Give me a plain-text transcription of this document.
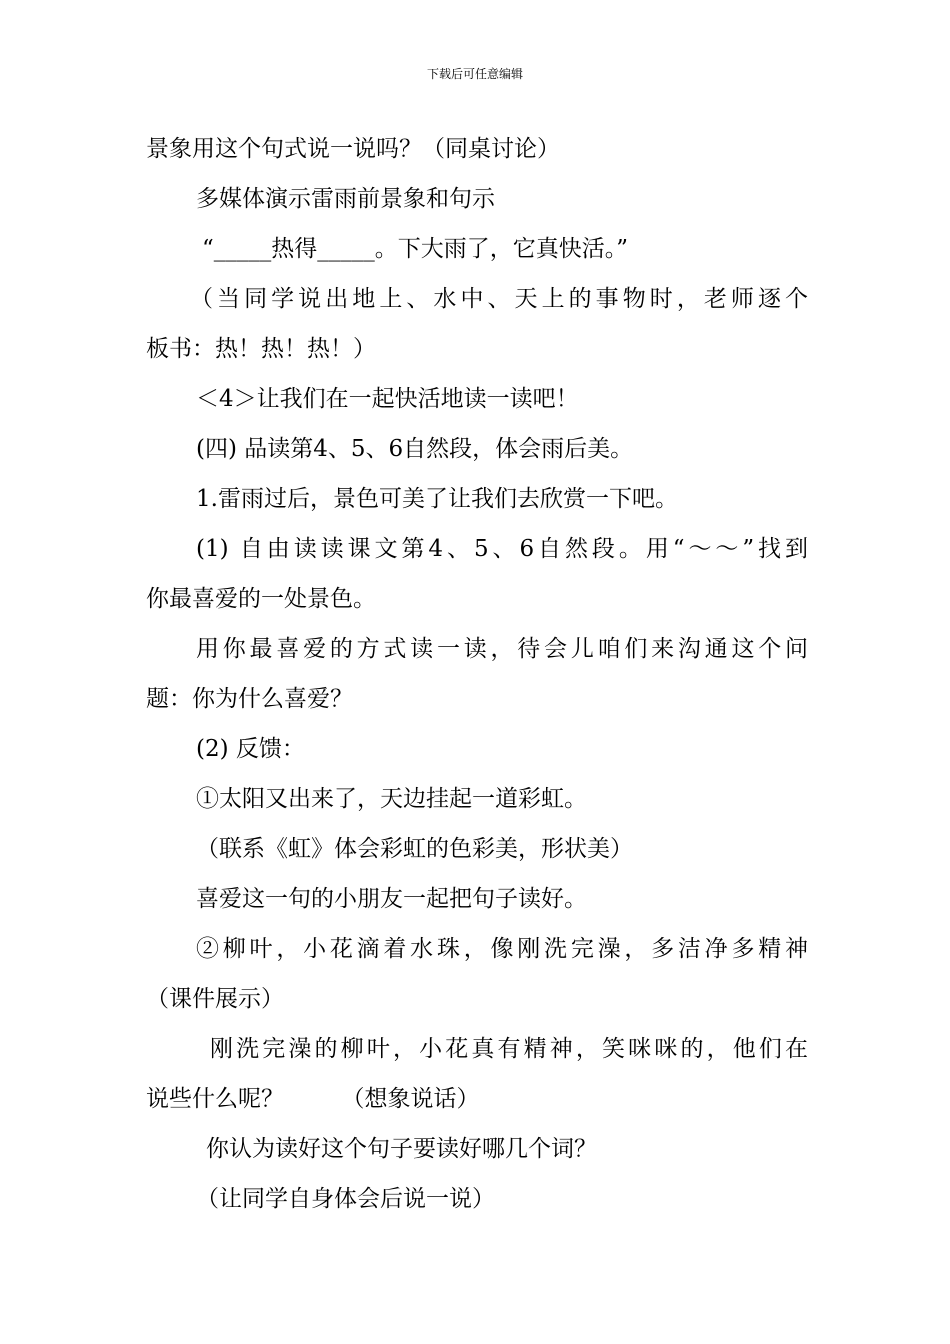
下载后可任意编辑

景象用这个句式说一说吗？（同桌讨论）

多媒体演示雷雨前景象和句示

“_____热得_____。下大雨了，它真快活。”

（当同学说出地上、水中、天上的事物时，老师逐个

板书：热！热！热！）

＜4＞让我们在一起快活地读一读吧！

(四) 品读第4、5、6自然段，体会雨后美。

1.雷雨过后，景色可美了让我们去欣赏一下吧。

(1) 自由读读课文第4、5、6自然段。用“～～”找到

你最喜爱的一处景色。

用你最喜爱的方式读一读，待会儿咱们来沟通这个问

题：你为什么喜爱？

(2) 反馈：

①太阳又出来了，天边挂起一道彩虹。

（联系《虹》体会彩虹的色彩美，形状美）

喜爱这一句的小朋友一起把句子读好。

②柳叶，小花滴着水珠，像刚洗完澡，多洁净多精神

（课件展示）

刚洗完澡的柳叶，小花真有精神，笑咪咪的，他们在

说些什么呢？　　　（想象说话）

你认为读好这个句子要读好哪几个词？

（让同学自身体会后说一说）
